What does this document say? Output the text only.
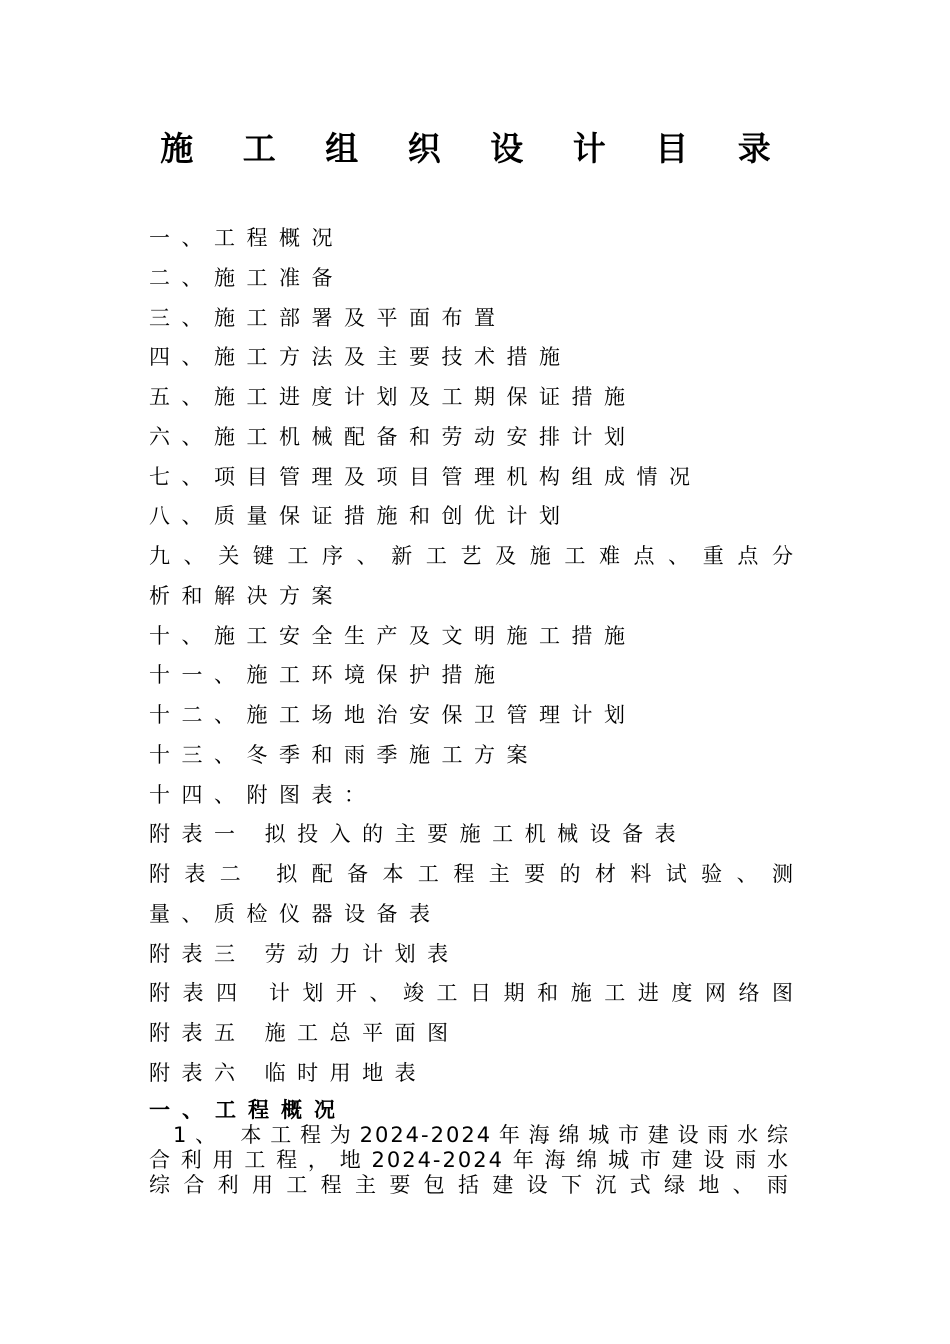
施 工 组 织 设 计 目 录
一、工程概况
二、施工准备
三、施工部署及平面布置
四、施工方法及主要技术措施
五、施工进度计划及工期保证措施
六、施工机械配备和劳动安排计划
七、项目管理及项目管理机构组成情况
八、质量保证措施和创优计划
九、关键工序、新工艺及施工难点、重点分
析和解决方案
十、施工安全生产及文明施工措施
十一、施工环境保护措施
十二、施工场地治安保卫管理计划
十三、冬季和雨季施工方案
十四、附图表：
附表一 拟投入的主要施工机械设备表
附表二 拟配备本工程主要的材料试验、测
量、质检仪器设备表
附表三 劳动力计划表
附表四 计划开、竣工日期和施工进度网络图
附表五 施工总平面图
附表六 临时用地表
一、工程概况
1、 本工程为2024-2024年海绵城市建设雨水综
合利用工程，地2024-2024年海绵城市建设雨水
综合利用工程主要包括建设下沉式绿地、雨
